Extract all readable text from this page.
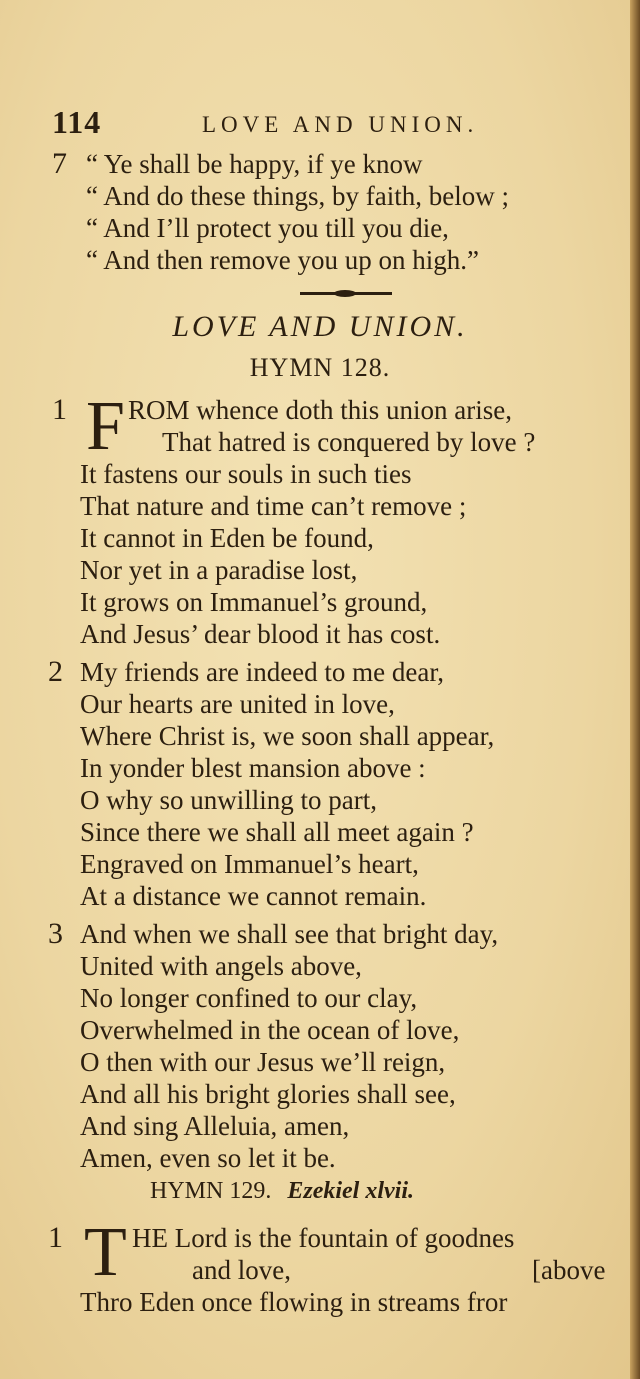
114	LOVE AND UNION.
7 “ Ye shall be happy, if ye know
“ And do these things, by faith, below ;
“ And I’ll protect you till you die,
“ And then remove you up on high.”
LOVE AND UNION.
HYMN 128.
1 F ROM whence doth this union arise,
That hatred is conquered by love ?
It fastens our souls in such ties
That nature and time can’t remove ;
It cannot in Eden be found,
Nor yet in a paradise lost,
It grows on Immanuel’s ground,
And Jesus’ dear blood it has cost.
2 My friends are indeed to me dear,
Our hearts are united in love,
Where Christ is, we soon shall appear,
In yonder blest mansion above :
O why so unwilling to part,
Since there we shall all meet again ?
Engraved on Immanuel’s heart,
At a distance we cannot remain.
3 And when we shall see that bright day,
United with angels above,
No longer confined to our clay,
Overwhelmed in the ocean of love,
O then with our Jesus we’ll reign,
And all his bright glories shall see,
And sing Alleluia, amen,
Amen, even so let it be.
HYMN 129. Ezekiel xlvii.
1 T HE Lord is the fountain of goodnes
and love,	[above
Thro Eden once flowing in streams fror
